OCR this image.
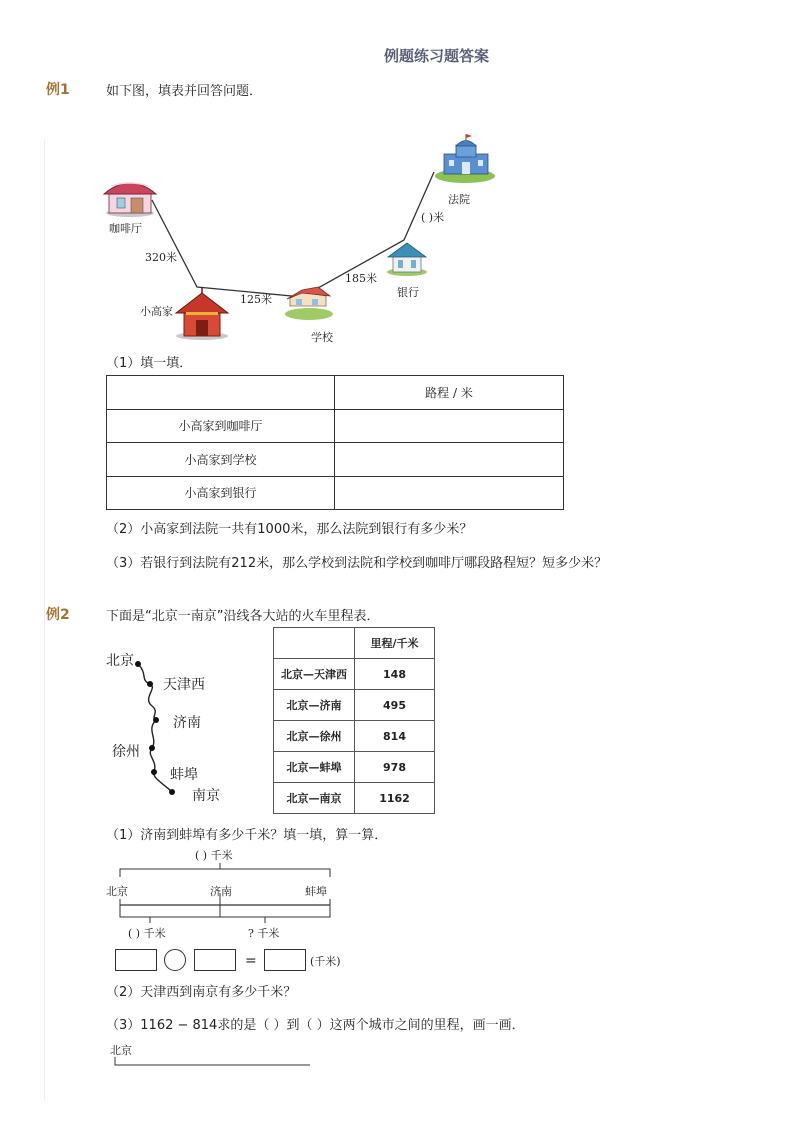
例题练习题答案
例1	如下图，填表并回答问题．
咖啡厅
小高家
学校
银行
法院
320米
125米
185米
( )米
（1）填一填．
	路程 / 米
小高家到咖啡厅	
小高家到学校	
小高家到银行	
（2）小高家到法院一共有1000米，那么法院到银行有多少米？
（3）若银行到法院有212米，那么学校到法院和学校到咖啡厅哪段路程短？短多少米？
例2	下面是“北京一南京”沿线各大站的火车里程表．
北京
天津西
济南
徐州
蚌埠
南京
	里程/千米
北京—天津西	148
北京—济南	495
北京—徐州	814
北京—蚌埠	978
北京—南京	1162
（1）济南到蚌埠有多少千米？填一填，算一算．
( ) 千米
北京	济南	蚌埠
( ) 千米	? 千米
=	(千米)
（2）天津西到南京有多少千米？
（3）1162 − 814求的是（ ）到（ ）这两个城市之间的里程，画一画．
北京
